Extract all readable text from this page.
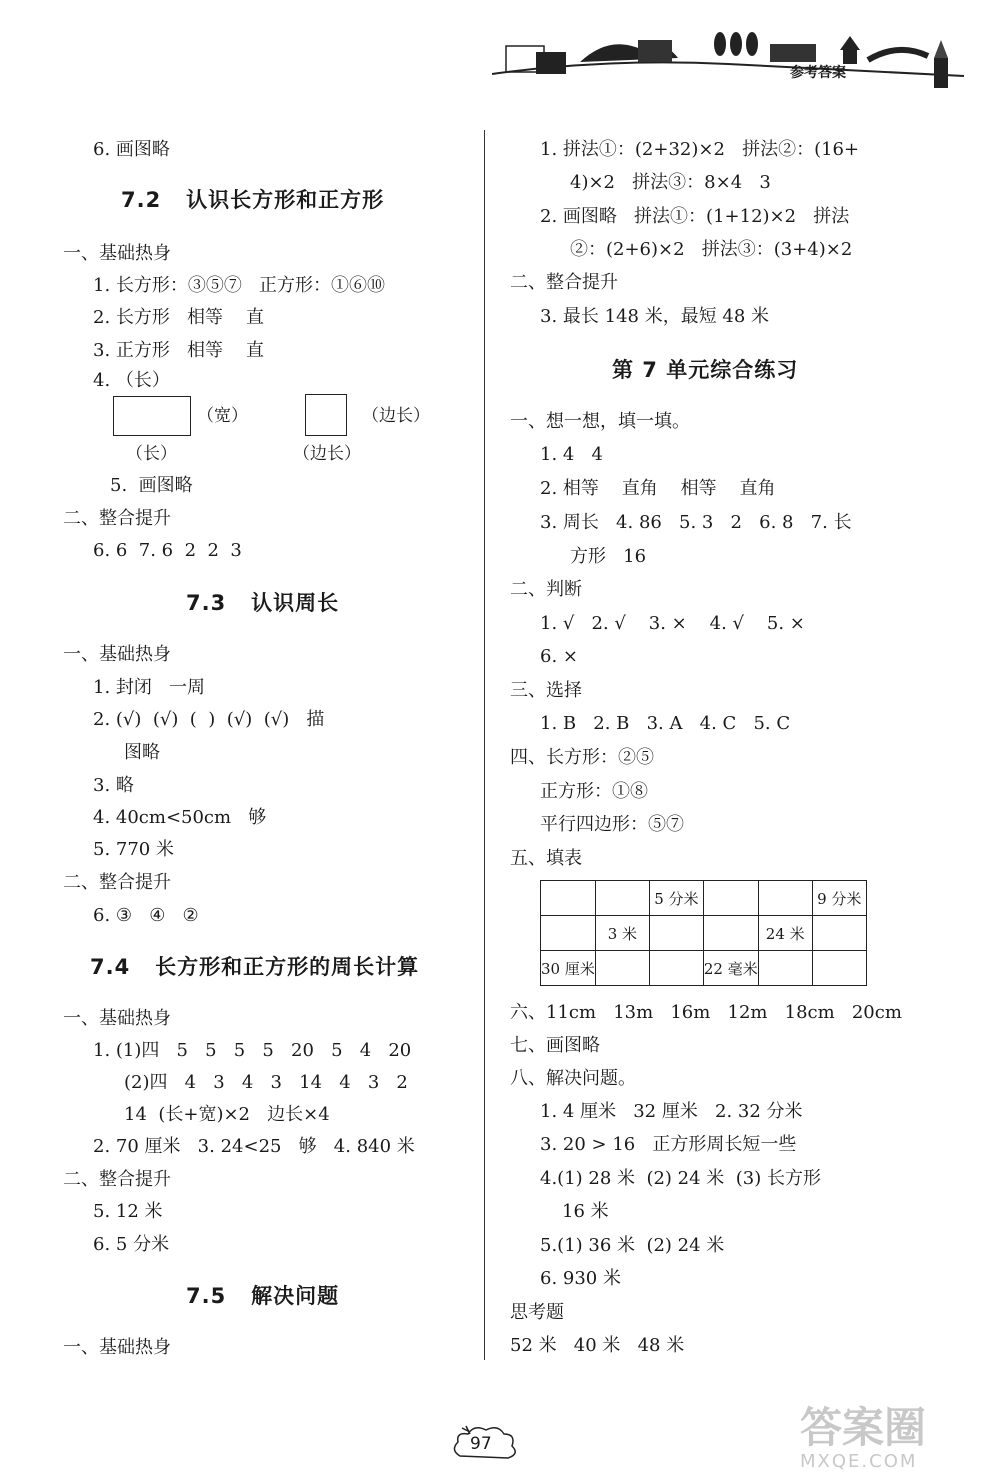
参考答案
6. 画图略
7.2   认识长方形和正方形
一、基础热身
1. 长方形：③⑤⑦   正方形：①⑥⑩
2. 长方形   相等    直
3. 正方形   相等    直
4. （长）
5.  画图略
二、整合提升
6. 6  7. 6  2  2  3
7.3   认识周长
一、基础热身
1. 封闭   一周
2. (√)  (√)  (  )  (√)  (√)   描
图略
3. 略
4. 40cm<50cm   够
5. 770 米
二、整合提升
6. ③   ④   ②
7.4   长方形和正方形的周长计算
一、基础热身
1. (1)四   5   5   5   5   20   5   4   20
(2)四   4   3   4   3   14   4   3   2
14  (长+宽)×2   边长×4
2. 70 厘米   3. 24<25   够   4. 840 米
二、整合提升
5. 12 米
6. 5 分米
7.5   解决问题
一、基础热身
1. 拼法①：(2+32)×2   拼法②：(16+
4)×2   拼法③：8×4   3
2. 画图略   拼法①：(1+12)×2   拼法
②：(2+6)×2   拼法③：(3+4)×2
二、整合提升
3. 最长 148 米，最短 48 米
第 7 单元综合练习
一、想一想，填一填。
1. 4   4
2. 相等    直角    相等    直角
3. 周长   4. 86   5. 3   2   6. 8   7. 长
方形   16
二、判断
1. √   2. √    3. ×    4. √    5. ×
6. ×
三、选择
1. B   2. B   3. A   4. C   5. C
四、长方形：②⑤
正方形：①⑧
平行四边形：⑤⑦
五、填表
六、11cm   13m   16m   12m   18cm   20cm
七、画图略
八、解决问题。
1. 4 厘米   32 厘米   2. 32 分米
3. 20 > 16   正方形周长短一些
4.(1) 28 米  (2) 24 米  (3) 长方形
16 米
5.(1) 36 米  (2) 24 米
6. 930 米
思考题
52 米   40 米   48 米
（宽）
（长）
（边长）
（边长）
		5 分米			9 分米
	3 米			24 米	
30 厘米			22 毫米		
97	答案圈
MXQE.COM
